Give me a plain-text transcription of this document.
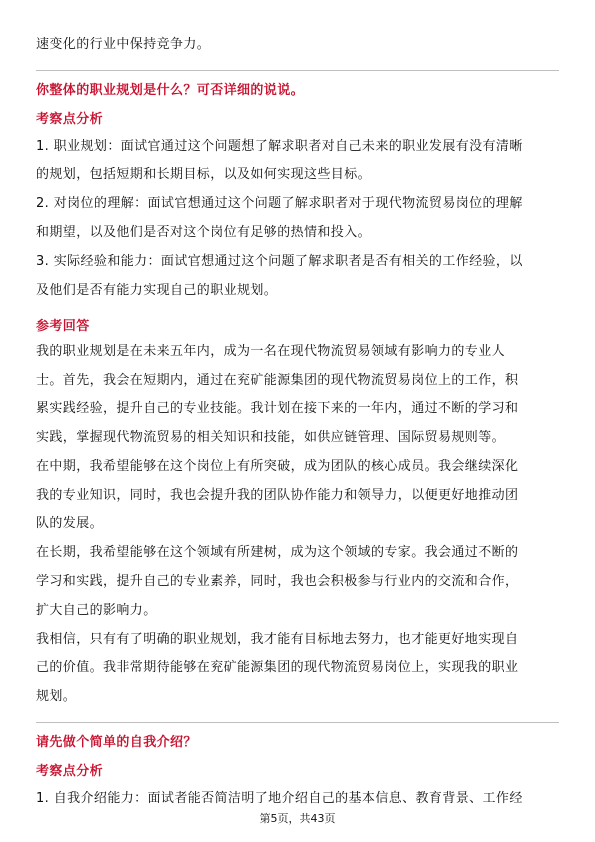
速变化的行业中保持竞争力。
你整体的职业规划是什么？可否详细的说说。
考察点分析
1. 职业规划：面试官通过这个问题想了解求职者对自己未来的职业发展有没有清晰
的规划，包括短期和长期目标，以及如何实现这些目标。
2. 对岗位的理解：面试官想通过这个问题了解求职者对于现代物流贸易岗位的理解
和期望，以及他们是否对这个岗位有足够的热情和投入。
3. 实际经验和能力：面试官想通过这个问题了解求职者是否有相关的工作经验，以
及他们是否有能力实现自己的职业规划。
参考回答
我的职业规划是在未来五年内，成为一名在现代物流贸易领域有影响力的专业人
士。首先，我会在短期内，通过在兖矿能源集团的现代物流贸易岗位上的工作，积
累实践经验，提升自己的专业技能。我计划在接下来的一年内，通过不断的学习和
实践，掌握现代物流贸易的相关知识和技能，如供应链管理、国际贸易规则等。
在中期，我希望能够在这个岗位上有所突破，成为团队的核心成员。我会继续深化
我的专业知识，同时，我也会提升我的团队协作能力和领导力，以便更好地推动团
队的发展。
在长期，我希望能够在这个领域有所建树，成为这个领域的专家。我会通过不断的
学习和实践，提升自己的专业素养，同时，我也会积极参与行业内的交流和合作，
扩大自己的影响力。
我相信，只有有了明确的职业规划，我才能有目标地去努力，也才能更好地实现自
己的价值。我非常期待能够在兖矿能源集团的现代物流贸易岗位上，实现我的职业
规划。
请先做个简单的自我介绍？
考察点分析
1. 自我介绍能力：面试者能否简洁明了地介绍自己的基本信息、教育背景、工作经
第5页，共43页
